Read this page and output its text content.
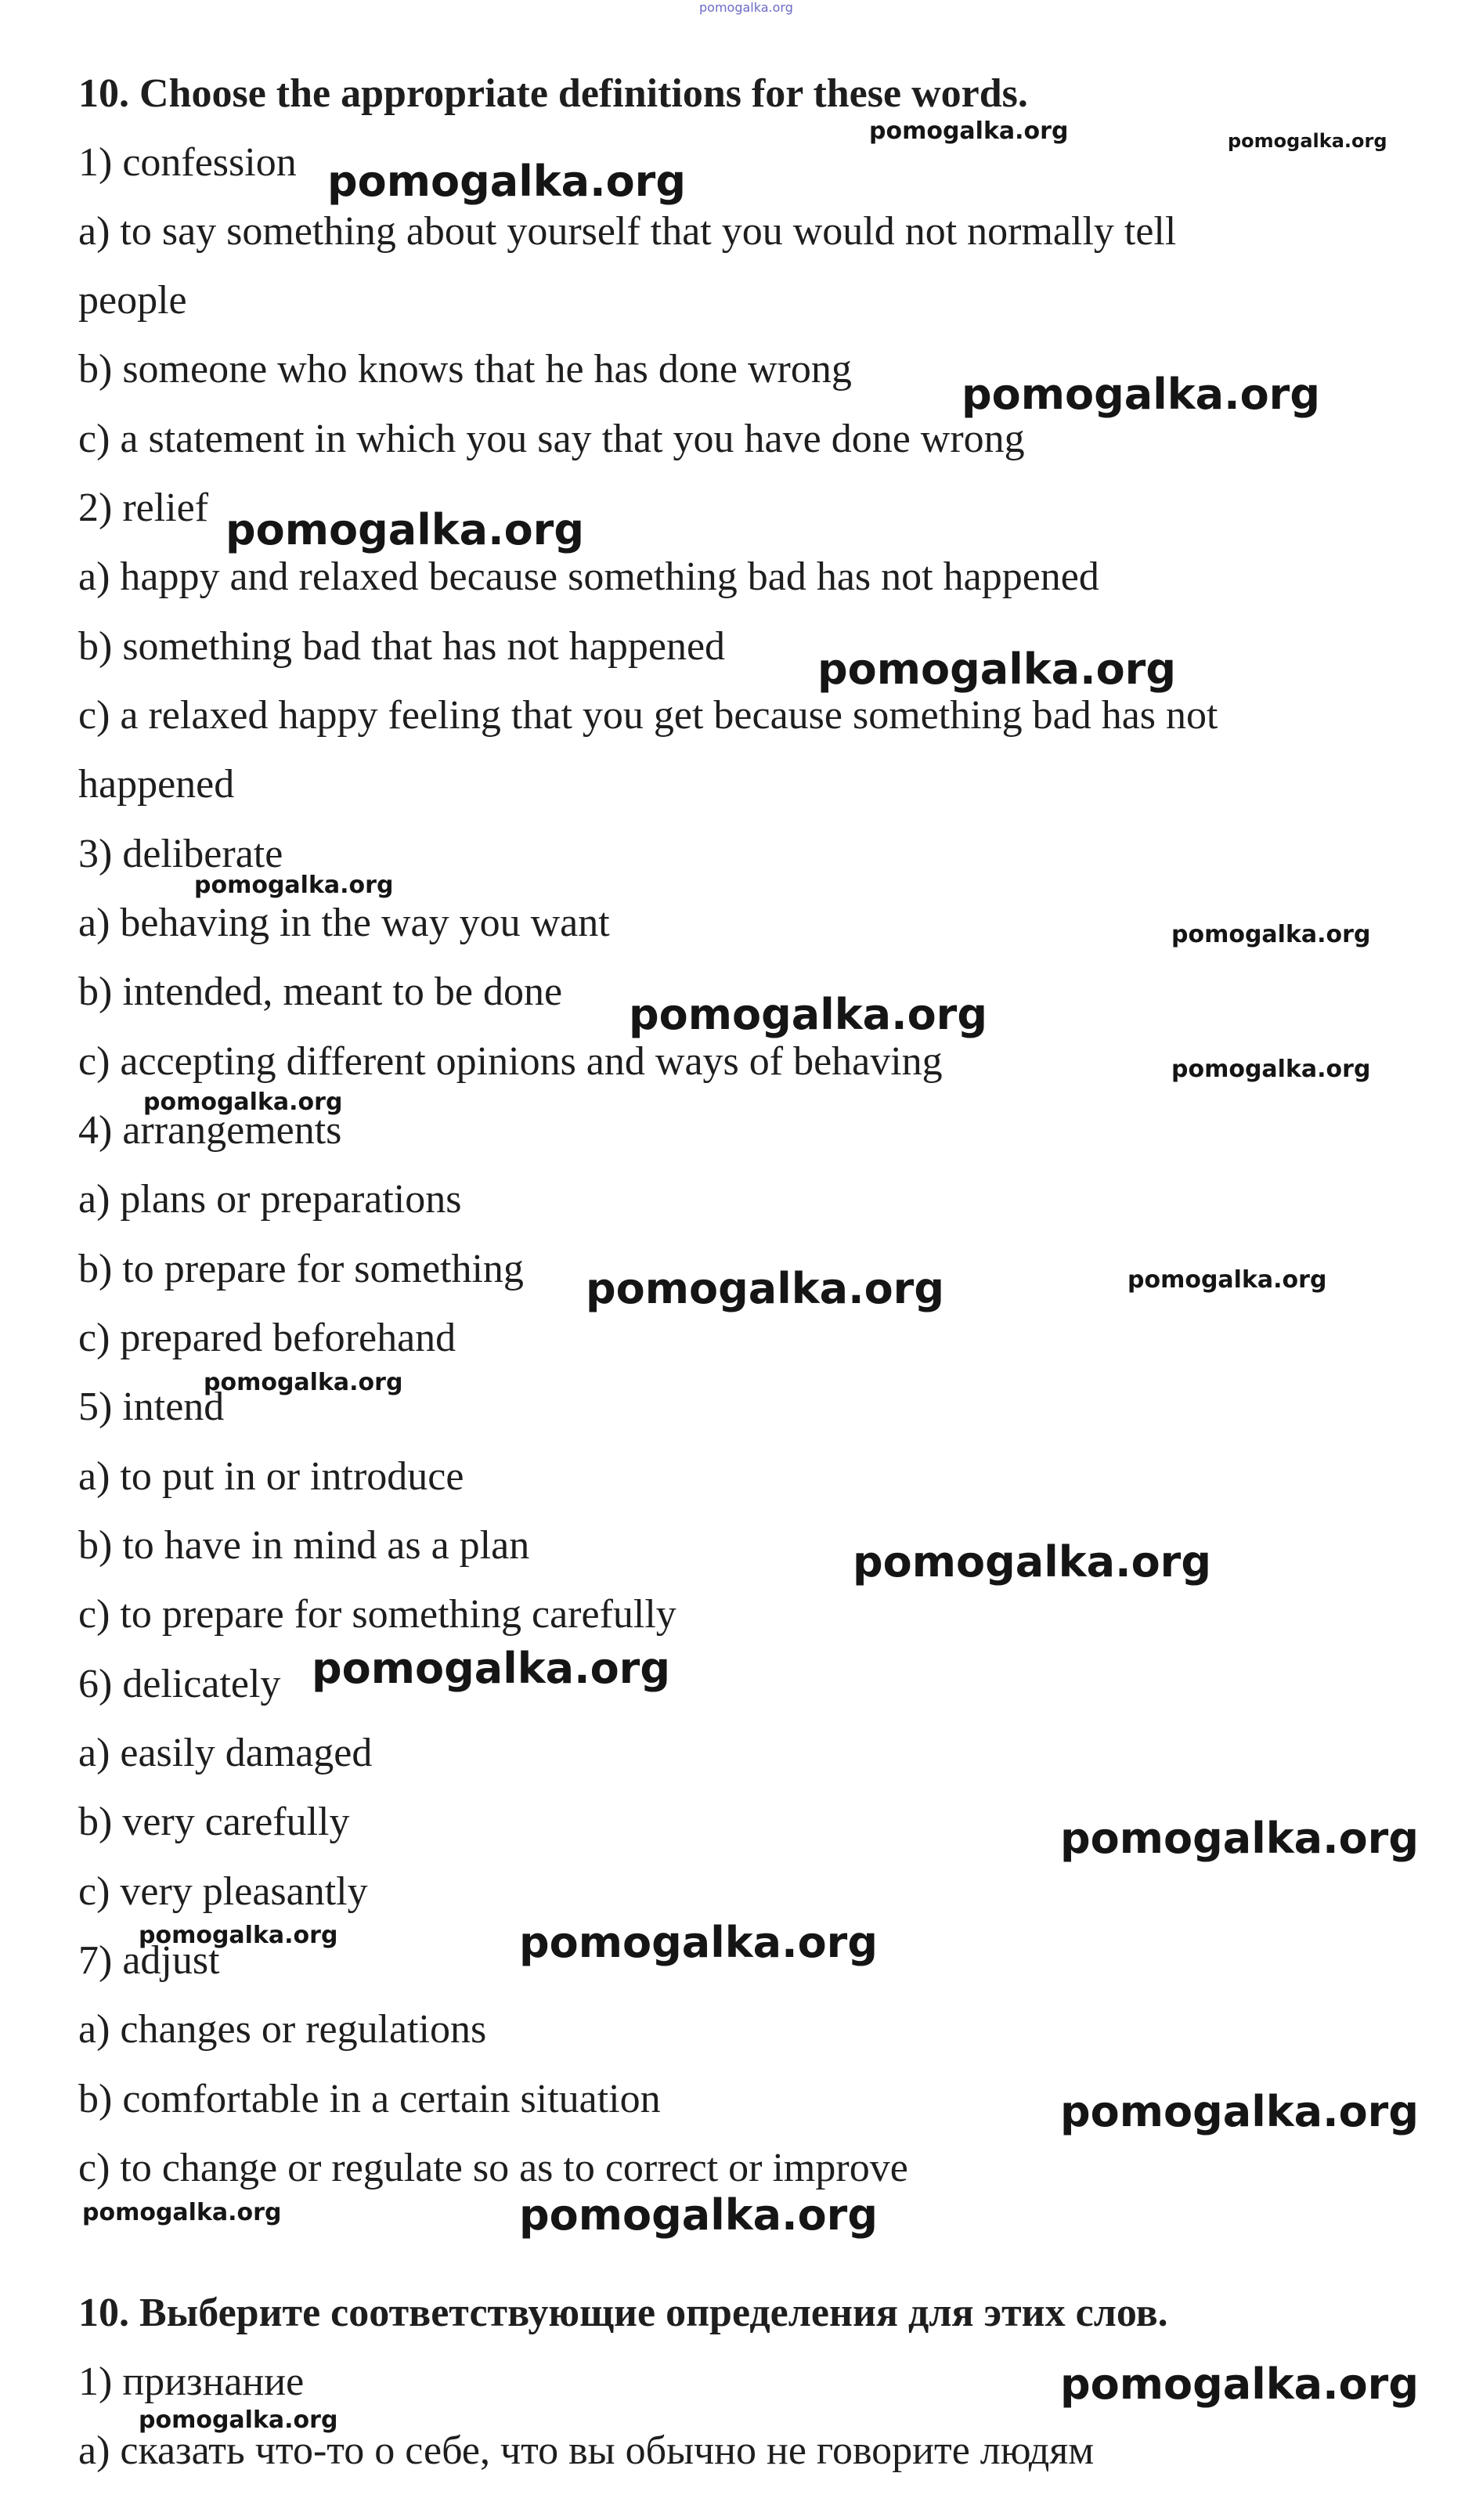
pomogalka.org
10. Choose the appropriate definitions for these words.
1) confession
a) to say something about yourself that you would not normally tell
people
b) someone who knows that he has done wrong
c) a statement in which you say that you have done wrong
2) relief
a) happy and relaxed because something bad has not happened
b) something bad that has not happened
c) a relaxed happy feeling that you get because something bad has not
happened
3) deliberate
a) behaving in the way you want
b) intended, meant to be done
c) accepting different opinions and ways of behaving
4) arrangements
a) plans or preparations
b) to prepare for something
c) prepared beforehand
5) intend
a) to put in or introduce
b) to have in mind as a plan
c) to prepare for something carefully
6) delicately
a) easily damaged
b) very carefully
c) very pleasantly
7) adjust
a) changes or regulations
b) comfortable in a certain situation
c) to change or regulate so as to correct or improve
10. Выберите соответствующие определения для этих слов.
1) признание
а) сказать что-то о себе, что вы обычно не говорите людям
pomogalka.org	pomogalka.org
pomogalka.org
pomogalka.org
pomogalka.org
pomogalka.org
pomogalka.org
pomogalka.org
pomogalka.org
pomogalka.org
pomogalka.org
pomogalka.org	pomogalka.org
pomogalka.org
pomogalka.org
pomogalka.org
pomogalka.org
pomogalka.org	pomogalka.org
pomogalka.org
pomogalka.org	pomogalka.org
pomogalka.org
pomogalka.org
